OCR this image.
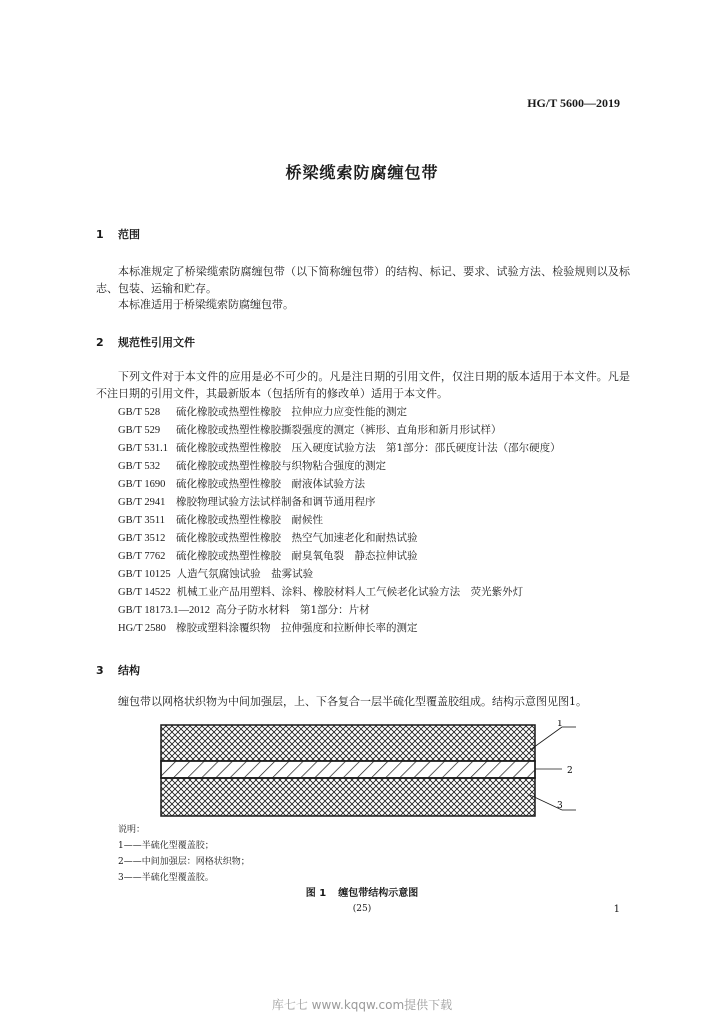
HG/T 5600—2019
桥梁缆索防腐缠包带
1 范围
本标准规定了桥梁缆索防腐缠包带（以下简称缠包带）的结构、标记、要求、试验方法、检验规则以及标志、包装、运输和贮存。
本标准适用于桥梁缆索防腐缠包带。
2 规范性引用文件
下列文件对于本文件的应用是必不可少的。凡是注日期的引用文件，仅注日期的版本适用于本文件。凡是不注日期的引用文件，其最新版本（包括所有的修改单）适用于本文件。
GB/T 528 硫化橡胶或热塑性橡胶　拉伸应力应变性能的测定
GB/T 529 硫化橡胶或热塑性橡胶撕裂强度的测定（裤形、直角形和新月形试样）
GB/T 531.1 硫化橡胶或热塑性橡胶　压入硬度试验方法　第1部分：邵氏硬度计法（邵尔硬度）
GB/T 532 硫化橡胶或热塑性橡胶与织物粘合强度的测定
GB/T 1690 硫化橡胶或热塑性橡胶　耐液体试验方法
GB/T 2941 橡胶物理试验方法试样制备和调节通用程序
GB/T 3511 硫化橡胶或热塑性橡胶　耐候性
GB/T 3512 硫化橡胶或热塑性橡胶　热空气加速老化和耐热试验
GB/T 7762 硫化橡胶或热塑性橡胶　耐臭氧龟裂　静态拉伸试验
GB/T 10125 人造气氛腐蚀试验　盐雾试验
GB/T 14522 机械工业产品用塑料、涂料、橡胶材料人工气候老化试验方法　荧光紫外灯
GB/T 18173.1—2012 高分子防水材料　第1部分：片材
HG/T 2580 橡胶或塑料涂覆织物　拉伸强度和拉断伸长率的测定
3 结构
缠包带以网格状织物为中间加强层，上、下各复合一层半硫化型覆盖胶组成。结构示意图见图1。
1
2
3
说明：
1——半硫化型覆盖胶；
2——中间加强层：网格状织物；
3——半硫化型覆盖胶。
图 1 缠包带结构示意图
(25)	1
库七七 www.kqqw.com提供下载
